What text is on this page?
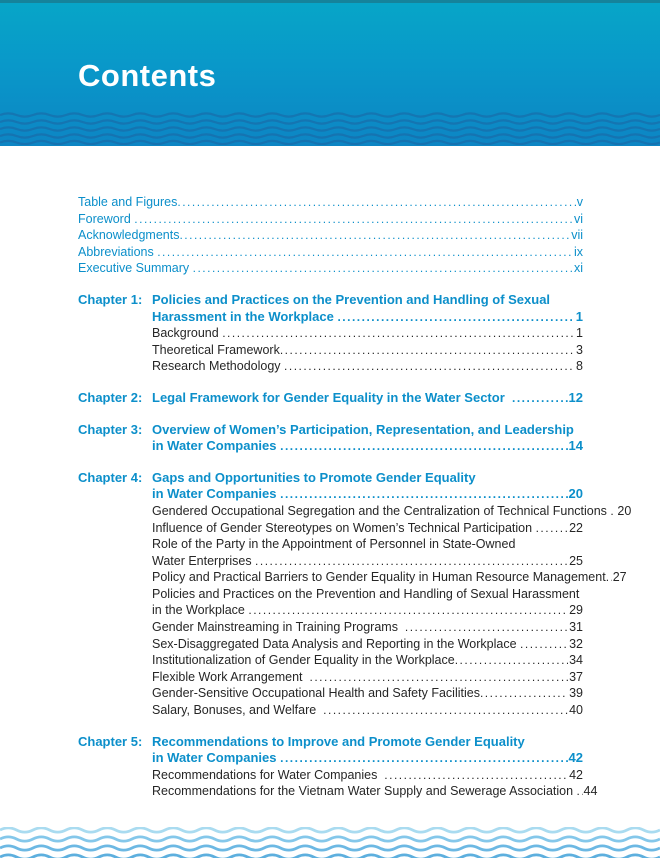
Contents
Table and Figures .....	v
Foreword .....	vi
Acknowledgments .....	vii
Abbreviations .....	ix
Executive Summary .....	xi
Chapter 1: Policies and Practices on the Prevention and Handling of Sexual
Harassment in the Workplace .....	1
Background .....	1
Theoretical Framework .....	3
Research Methodology .....	8
Chapter 2: Legal Framework for Gender Equality in the Water Sector .....	12
Chapter 3: Overview of Women’s Participation, Representation, and Leadership
in Water Companies .....	14
Chapter 4: Gaps and Opportunities to Promote Gender Equality
in Water Companies .....	20
Gendered Occupational Segregation and the Centralization of Technical Functions ..... 20
Influence of Gender Stereotypes on Women’s Technical Participation .....	22
Role of the Party in the Appointment of Personnel in State-Owned
Water Enterprises .....	25
Policy and Practical Barriers to Gender Equality in Human Resource Management ..... 27
Policies and Practices on the Prevention and Handling of Sexual Harassment
in the Workplace .....	29
Gender Mainstreaming in Training Programs .....	31
Sex-Disaggregated Data Analysis and Reporting in the Workplace .....	32
Institutionalization of Gender Equality in the Workplace .....	34
Flexible Work Arrangement .....	37
Gender-Sensitive Occupational Health and Safety Facilities .....	39
Salary, Bonuses, and Welfare .....	40
Chapter 5: Recommendations to Improve and Promote Gender Equality
in Water Companies .....	42
Recommendations for Water Companies .....	42
Recommendations for the Vietnam Water Supply and Sewerage Association ..... 44
